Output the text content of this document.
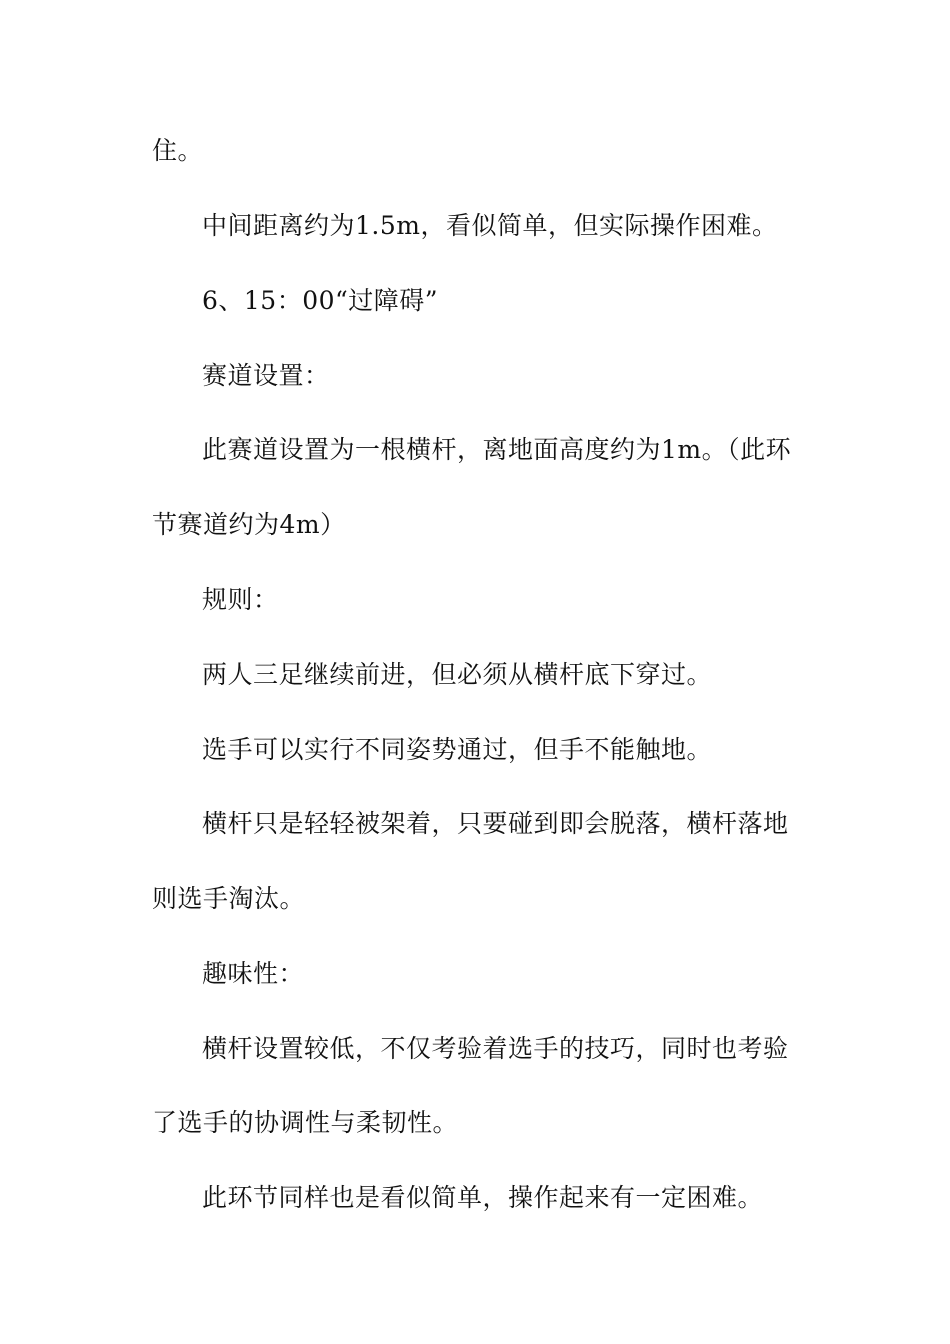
住。
中间距离约为1.5m，看似简单，但实际操作困难。
6、15：00“过障碍”
赛道设置：
此赛道设置为一根横杆，离地面高度约为1m。（此环
节赛道约为4m）
规则：
两人三足继续前进，但必须从横杆底下穿过。
选手可以实行不同姿势通过，但手不能触地。
横杆只是轻轻被架着，只要碰到即会脱落，横杆落地
则选手淘汰。
趣味性：
横杆设置较低，不仅考验着选手的技巧，同时也考验
了选手的协调性与柔韧性。
此环节同样也是看似简单，操作起来有一定困难。
